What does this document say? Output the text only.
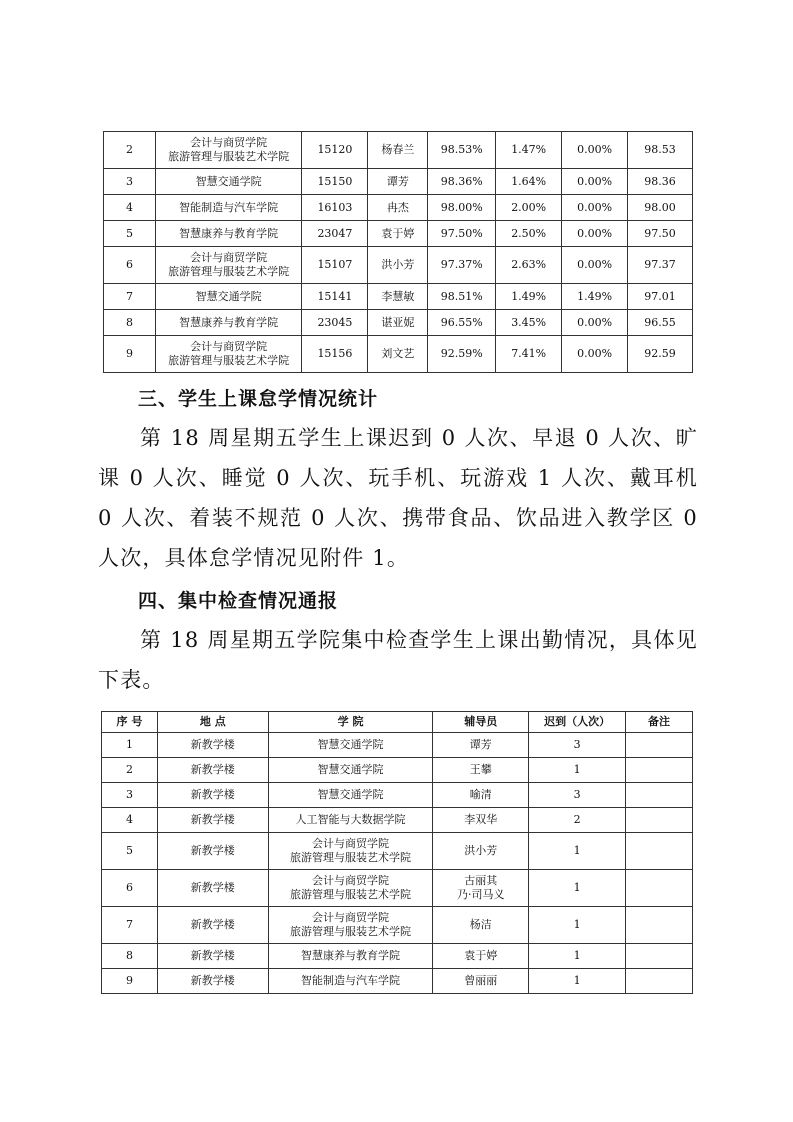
2	会计与商贸学院
旅游管理与服装艺术学院	15120	杨春兰	98.53%	1.47%	0.00%	98.53
3	智慧交通学院	15150	谭芳	98.36%	1.64%	0.00%	98.36
4	智能制造与汽车学院	16103	冉杰	98.00%	2.00%	0.00%	98.00
5	智慧康养与教育学院	23047	袁于婷	97.50%	2.50%	0.00%	97.50
6	会计与商贸学院
旅游管理与服装艺术学院	15107	洪小芳	97.37%	2.63%	0.00%	97.37
7	智慧交通学院	15141	李慧敏	98.51%	1.49%	1.49%	97.01
8	智慧康养与教育学院	23045	谌亚妮	96.55%	3.45%	0.00%	96.55
9	会计与商贸学院
旅游管理与服装艺术学院	15156	刘文艺	92.59%	7.41%	0.00%	92.59
三、学生上课怠学情况统计

第 18 周星期五学生上课迟到 0 人次、早退 0 人次、旷课 0 人次、睡觉 0 人次、玩手机、玩游戏 1 人次、戴耳机 0 人次、着装不规范 0 人次、携带食品、饮品进入教学区 0 人次，具体怠学情况见附件 1。

四、集中检查情况通报

第 18 周星期五学院集中检查学生上课出勤情况，具体见下表。

序 号	地 点	学 院	辅导员	迟到（人次）	备注
1	新教学楼	智慧交通学院	谭芳	3	
2	新教学楼	智慧交通学院	王攀	1	
3	新教学楼	智慧交通学院	喻清	3	
4	新教学楼	人工智能与大数据学院	李双华	2	
5	新教学楼	会计与商贸学院
旅游管理与服装艺术学院	洪小芳	1	
6	新教学楼	会计与商贸学院
旅游管理与服装艺术学院	古丽其
乃·司马义	1	
7	新教学楼	会计与商贸学院
旅游管理与服装艺术学院	杨洁	1	
8	新教学楼	智慧康养与教育学院	袁于婷	1	
9	新教学楼	智能制造与汽车学院	曾丽丽	1	
